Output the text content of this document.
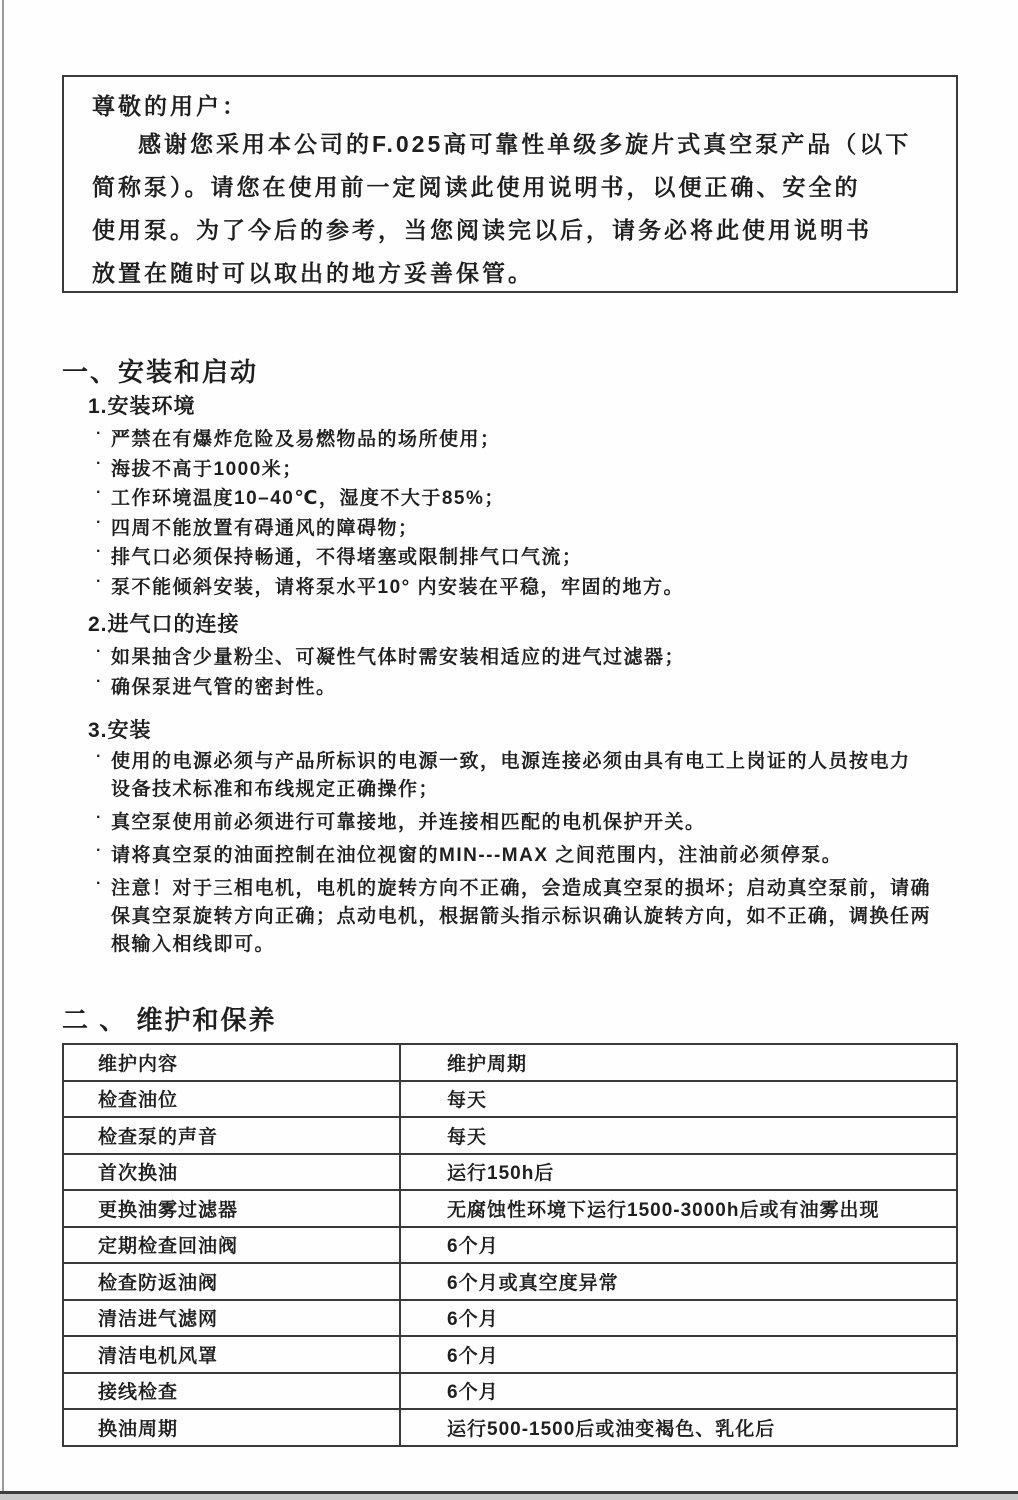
尊敬的用户：
感谢您采用本公司的F.025高可靠性单级多旋片式真空泵产品（以下
简称泵）。请您在使用前一定阅读此使用说明书，以便正确、安全的
使用泵。为了今后的参考，当您阅读完以后，请务必将此使用说明书
放置在随时可以取出的地方妥善保管。
一、安装和启动
1.安装环境
· 严禁在有爆炸危险及易燃物品的场所使用；
· 海拔不高于1000米；
· 工作环境温度10–40℃，湿度不大于85%；
· 四周不能放置有碍通风的障碍物；
· 排气口必须保持畅通，不得堵塞或限制排气口气流；
· 泵不能倾斜安装，请将泵水平10° 内安装在平稳，牢固的地方。
2.进气口的连接
· 如果抽含少量粉尘、可凝性气体时需安装相适应的进气过滤器；
· 确保泵进气管的密封性。
3.安装
· 使用的电源必须与产品所标识的电源一致，电源连接必须由具有电工上岗证的人员按电力
设备技术标准和布线规定正确操作；
· 真空泵使用前必须进行可靠接地，并连接相匹配的电机保护开关。
· 请将真空泵的油面控制在油位视窗的MIN---MAX 之间范围内，注油前必须停泵。
· 注意！对于三相电机，电机的旋转方向不正确，会造成真空泵的损坏；启动真空泵前，请确
保真空泵旋转方向正确；点动电机，根据箭头指示标识确认旋转方向，如不正确，调换任两
根输入相线即可。
二 、 维护和保养
维护内容	维护周期
检查油位	每天
检查泵的声音	每天
首次换油	运行150h后
更换油雾过滤器	无腐蚀性环境下运行1500-3000h后或有油雾出现
定期检查回油阀	6个月
检查防返油阀	6个月或真空度异常
清洁进气滤网	6个月
清洁电机风罩	6个月
接线检查	6个月
换油周期	运行500-1500后或油变褐色、乳化后
